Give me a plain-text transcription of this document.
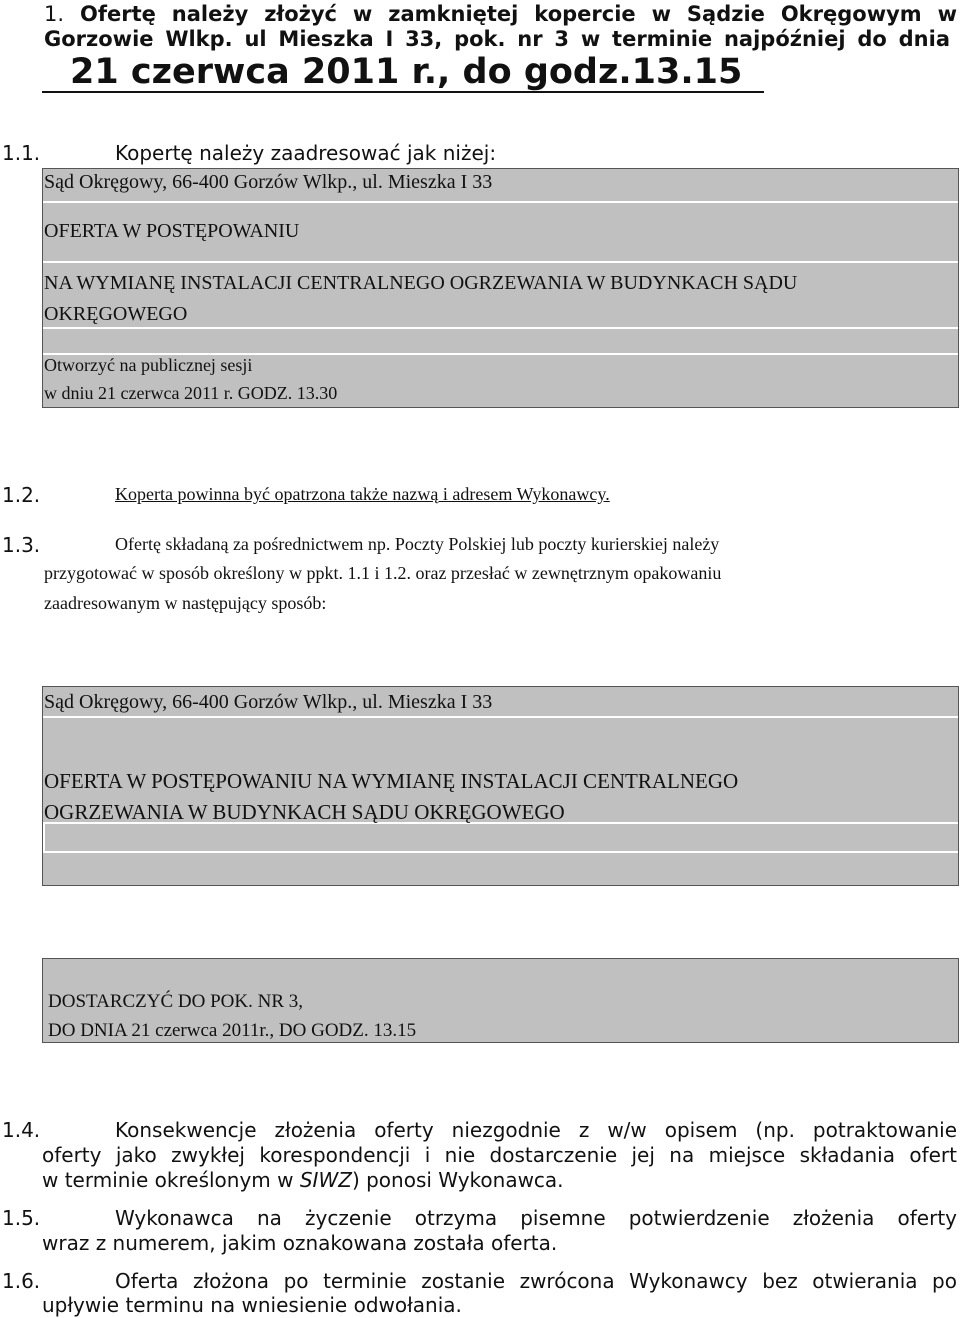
1. Ofertę należy złożyć w zamkniętej kopercie w Sądzie Okręgowym w
Gorzowie Wlkp. ul Mieszka I 33, pok. nr 3 w terminie najpóźniej do dnia
21 czerwca 2011 r., do godz.13.15
1.1.	Kopertę należy zaadresować jak niżej:
Sąd Okręgowy, 66-400 Gorzów Wlkp., ul. Mieszka I 33
OFERTA W POSTĘPOWANIU
NA WYMIANĘ INSTALACJI CENTRALNEGO OGRZEWANIA W BUDYNKACH SĄDU
OKRĘGOWEGO
Otworzyć na publicznej sesji
w dniu 21 czerwca 2011 r. GODZ. 13.30
1.2.	Koperta powinna być opatrzona także nazwą i adresem Wykonawcy.
1.3.	Ofertę składaną za pośrednictwem np. Poczty Polskiej lub poczty kurierskiej należy
przygotować w sposób określony w ppkt. 1.1 i 1.2. oraz przesłać w zewnętrznym opakowaniu
zaadresowanym w następujący sposób:
Sąd Okręgowy, 66-400 Gorzów Wlkp., ul. Mieszka I 33
OFERTA W POSTĘPOWANIU NA WYMIANĘ INSTALACJI CENTRALNEGO
OGRZEWANIA W BUDYNKACH SĄDU OKRĘGOWEGO
DOSTARCZYĆ DO POK. NR 3,
DO DNIA 21 czerwca 2011r., DO GODZ. 13.15
1.4.	Konsekwencje złożenia oferty niezgodnie z w/w opisem (np. potraktowanie
oferty jako zwykłej korespondencji i nie dostarczenie jej na miejsce składania ofert
w terminie określonym w SIWZ) ponosi Wykonawca.
1.5.	Wykonawca na życzenie otrzyma pisemne potwierdzenie złożenia oferty
wraz z numerem, jakim oznakowana została oferta.
1.6.	Oferta złożona po terminie zostanie zwrócona Wykonawcy bez otwierania po
upływie terminu na wniesienie odwołania.
